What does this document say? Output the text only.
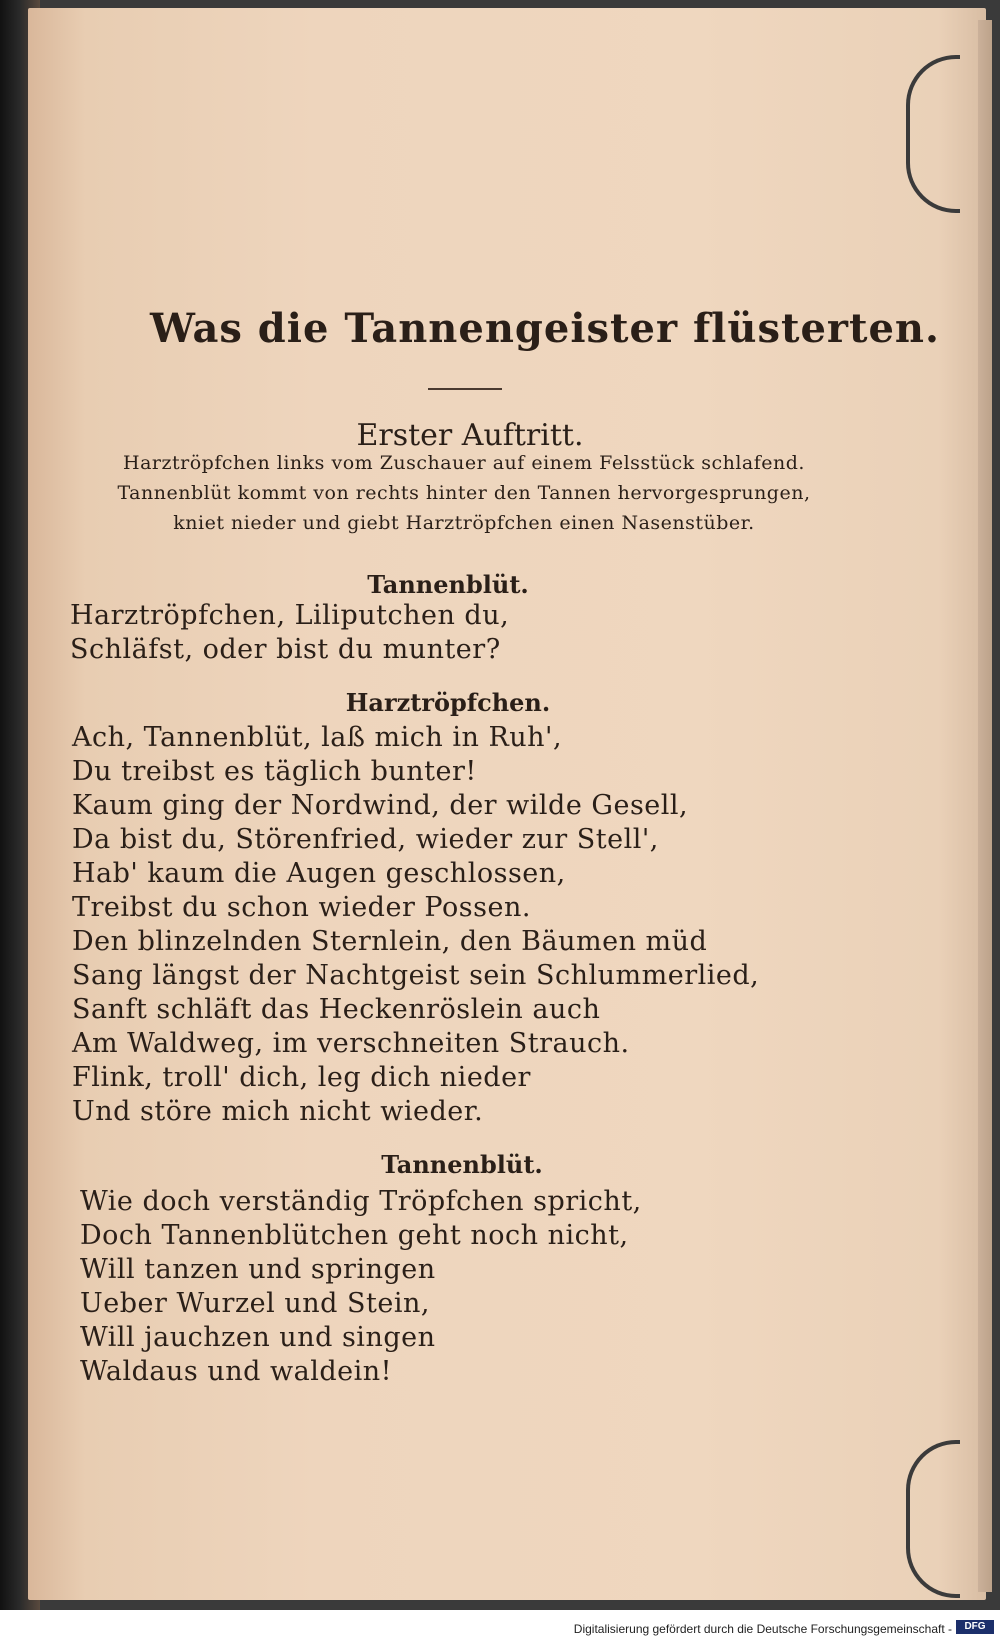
Was die Tannengeister flüsterten.
Erster Auftritt.
Harztröpfchen links vom Zuschauer auf einem Felsstück schlafend.
Tannenblüt kommt von rechts hinter den Tannen hervorgesprungen,
kniet nieder und giebt Harztröpfchen einen Nasenstüber.
Tannenblüt.
Harztröpfchen, Liliputchen du,
Schläfst, oder bist du munter?
Harztröpfchen.
Ach, Tannenblüt, laß mich in Ruh',
Du treibst es täglich bunter!
Kaum ging der Nordwind, der wilde Gesell,
Da bist du, Störenfried, wieder zur Stell',
Hab' kaum die Augen geschlossen,
Treibst du schon wieder Possen.
Den blinzelnden Sternlein, den Bäumen müd
Sang längst der Nachtgeist sein Schlummerlied,
Sanft schläft das Heckenröslein auch
Am Waldweg, im verschneiten Strauch.
Flink, troll' dich, leg dich nieder
Und störe mich nicht wieder.
Tannenblüt.
Wie doch verständig Tröpfchen spricht,
Doch Tannenblütchen geht noch nicht,
Will tanzen und springen
Ueber Wurzel und Stein,
Will jauchzen und singen
Waldaus und waldein!
Digitalisierung gefördert durch die Deutsche Forschungsgemeinschaft -	DFG
